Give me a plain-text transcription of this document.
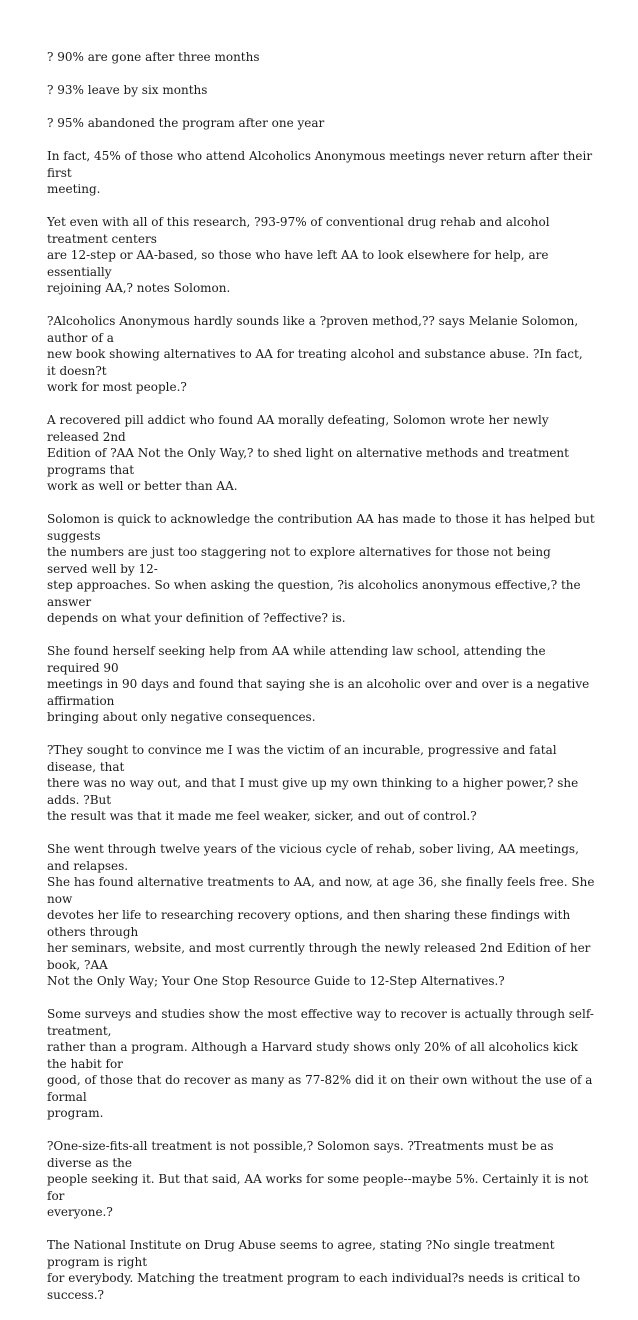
? 90% are gone after three months

? 93% leave by six months

? 95% abandoned the program after one year

In fact, 45% of those who attend Alcoholics Anonymous meetings never return after their first
meeting.

Yet even with all of this research, ?93-97% of conventional drug rehab and alcohol treatment centers
are 12-step or AA-based, so those who have left AA to look elsewhere for help, are essentially
rejoining AA,? notes Solomon.

?Alcoholics Anonymous hardly sounds like a ?proven method,?? says Melanie Solomon, author of a
new book showing alternatives to AA for treating alcohol and substance abuse. ?In fact, it doesn?t
work for most people.?

A recovered pill addict who found AA morally defeating, Solomon wrote her newly released 2nd
Edition of ?AA Not the Only Way,? to shed light on alternative methods and treatment programs that
work as well or better than AA.

Solomon is quick to acknowledge the contribution AA has made to those it has helped but suggests
the numbers are just too staggering not to explore alternatives for those not being served well by 12-
step approaches. So when asking the question, ?is alcoholics anonymous effective,? the answer
depends on what your definition of ?effective? is.

She found herself seeking help from AA while attending law school, attending the required 90
meetings in 90 days and found that saying she is an alcoholic over and over is a negative affirmation
bringing about only negative consequences.

?They sought to convince me I was the victim of an incurable, progressive and fatal disease, that
there was no way out, and that I must give up my own thinking to a higher power,? she adds. ?But
the result was that it made me feel weaker, sicker, and out of control.?

She went through twelve years of the vicious cycle of rehab, sober living, AA meetings, and relapses.
She has found alternative treatments to AA, and now, at age 36, she finally feels free. She now
devotes her life to researching recovery options, and then sharing these findings with others through
her seminars, website, and most currently through the newly released 2nd Edition of her book, ?AA
Not the Only Way; Your One Stop Resource Guide to 12-Step Alternatives.?

Some surveys and studies show the most effective way to recover is actually through self-treatment,
rather than a program. Although a Harvard study shows only 20% of all alcoholics kick the habit for
good, of those that do recover as many as 77-82% did it on their own without the use of a formal
program.

?One-size-fits-all treatment is not possible,? Solomon says. ?Treatments must be as diverse as the
people seeking it. But that said, AA works for some people--maybe 5%. Certainly it is not for
everyone.?

The National Institute on Drug Abuse seems to agree, stating ?No single treatment program is right
for everybody. Matching the treatment program to each individual?s needs is critical to success.?
